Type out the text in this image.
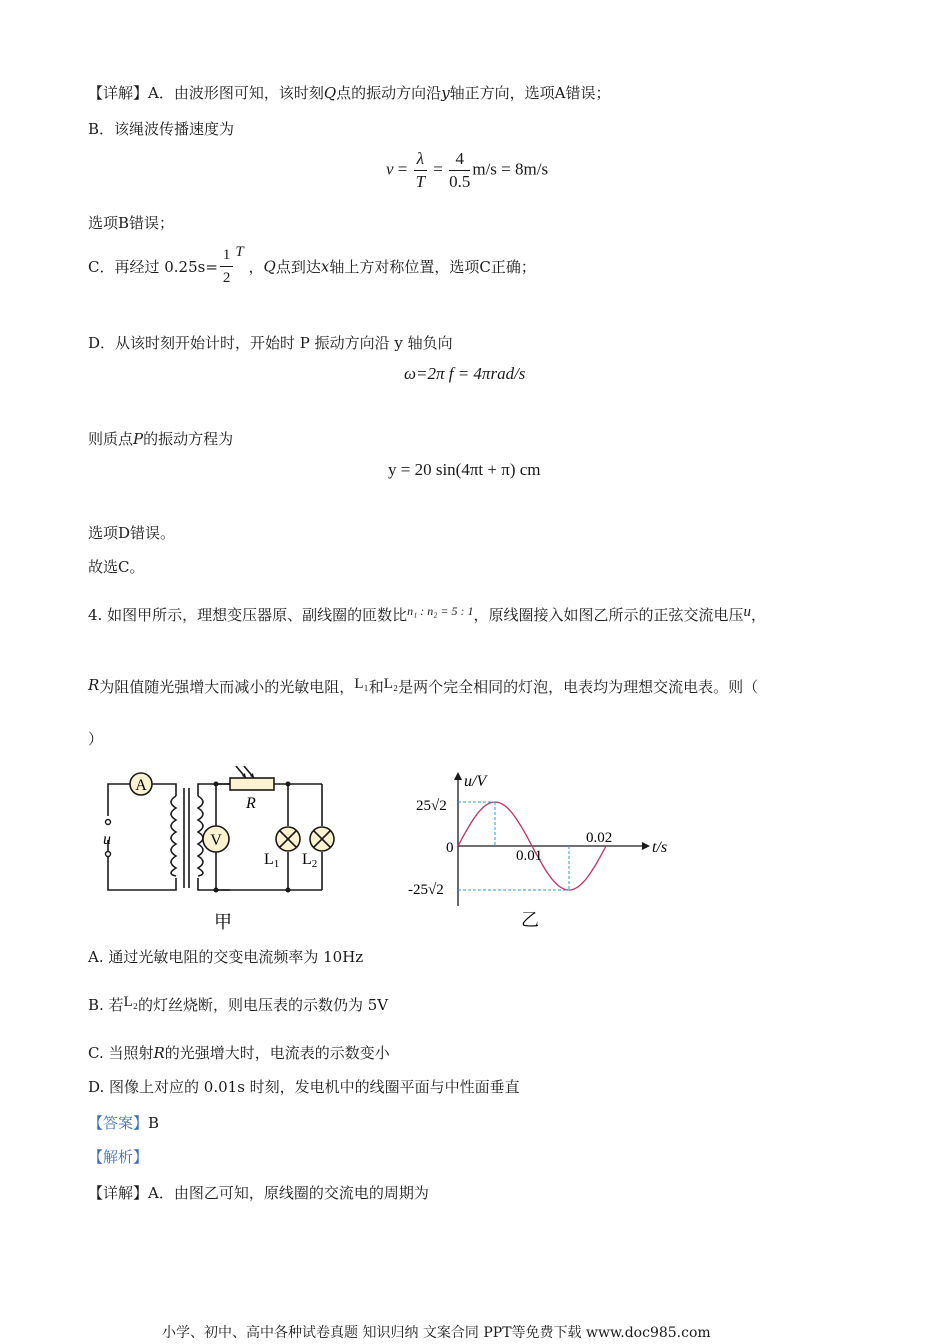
【详解】A．由波形图可知，该时刻Q点的振动方向沿y轴正方向，选项A错误；
B．该绳波传播速度为
$v = \frac{\lambda}{T} = \frac{4}{0.5} m/s = 8m/s$
选项B错误；
C．再经过 $0.25s= \frac{1}{2}$ T ，Q点到达x轴上方对称位置，选项C正确；
D．从该时刻开始计时，开始时 P 振动方向沿 y 轴负向
ω=2π f = 4πrad/s
则质点P的振动方程为
y = 20 sin(4πt + π) cm
选项D错误。
故选C。
4. 如图甲所示，理想变压器原、副线圈的匝数比$^{n_1 : n_2 = 5 : 1}$，原线圈接入如图乙所示的正弦交流电压u，
R为阻值随光强增大而减小的光敏电阻，L₁和L₂是两个完全相同的灯泡，电表均为理想交流电表。则（
）
A
u
R
V
L1 L2
甲
u/V
t/s
25√2
-25√2
0	0.01
0.02
乙
A. 通过光敏电阻的交变电流频率为 10Hz
B. 若L₂的灯丝烧断，则电压表的示数仍为 5V
C. 当照射R的光强增大时，电流表的示数变小
D. 图像上对应的 0.01s 时刻，发电机中的线圈平面与中性面垂直
【答案】B
【解析】
【详解】A．由图乙可知，原线圈的交流电的周期为
小学、初中、高中各种试卷真题 知识归纳 文案合同 PPT等免费下载 www.doc985.com
